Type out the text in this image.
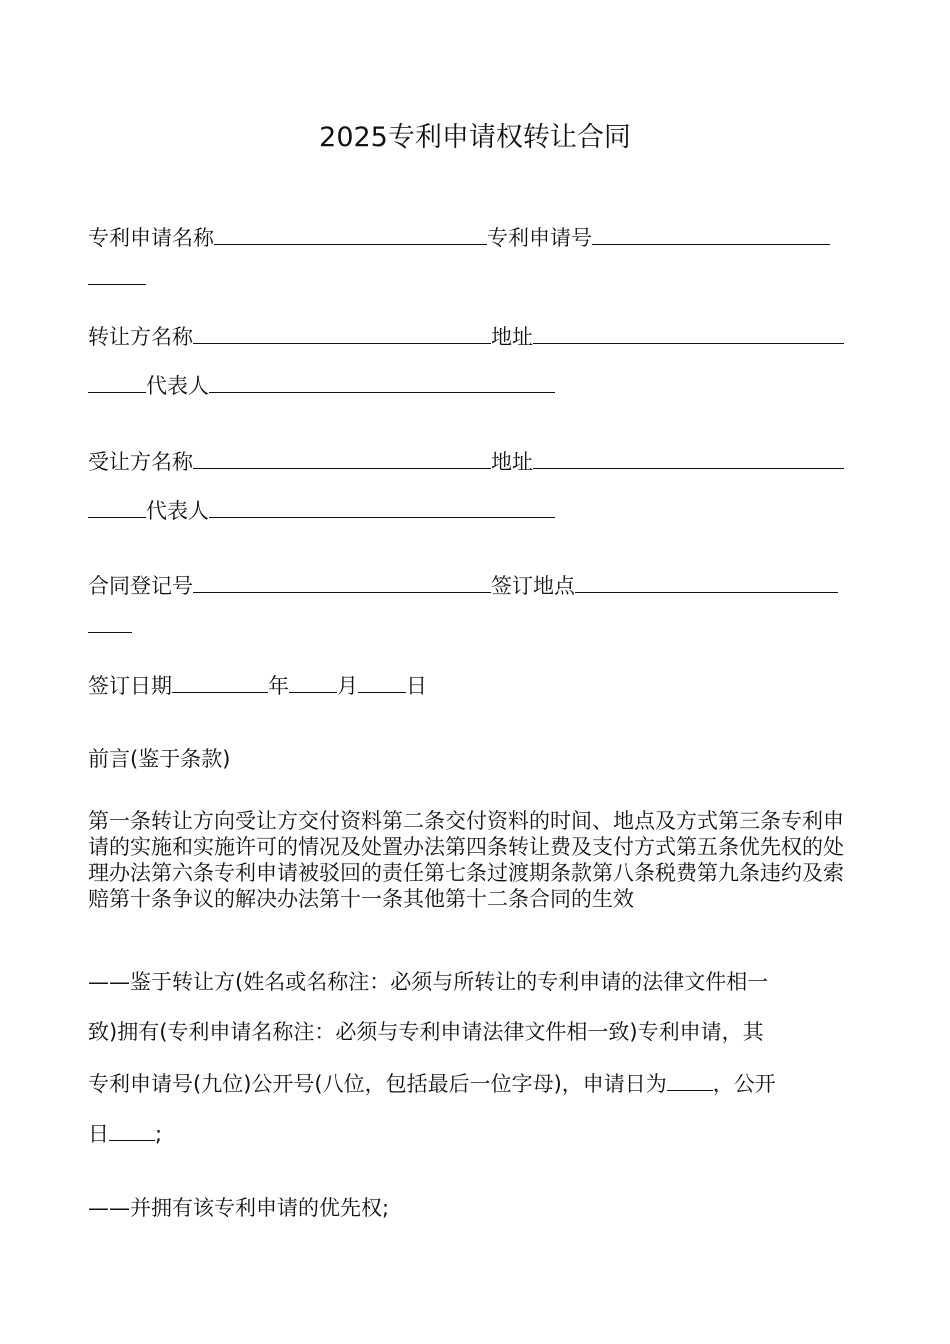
2025专利申请权转让合同
专利申请名称	专利申请号
转让方名称	地址
代表人
受让方名称	地址
代表人
合同登记号	签订地点
签订日期	年 月 日
前言(鉴于条款)
第一条转让方向受让方交付资料第二条交付资料的时间、地点及方式第三条专利申请的实施和实施许可的情况及处置办法第四条转让费及支付方式第五条优先权的处理办法第六条专利申请被驳回的责任第七条过渡期条款第八条税费第九条违约及索赔第十条争议的解决办法第十一条其他第十二条合同的生效
——鉴于转让方(姓名或名称注：必须与所转让的专利申请的法律文件相一
致)拥有(专利申请名称注：必须与专利申请法律文件相一致)专利申请，其
专利申请号(九位)公开号(八位，包括最后一位字母)，申请日为 ，公开
日 ;
——并拥有该专利申请的优先权;
